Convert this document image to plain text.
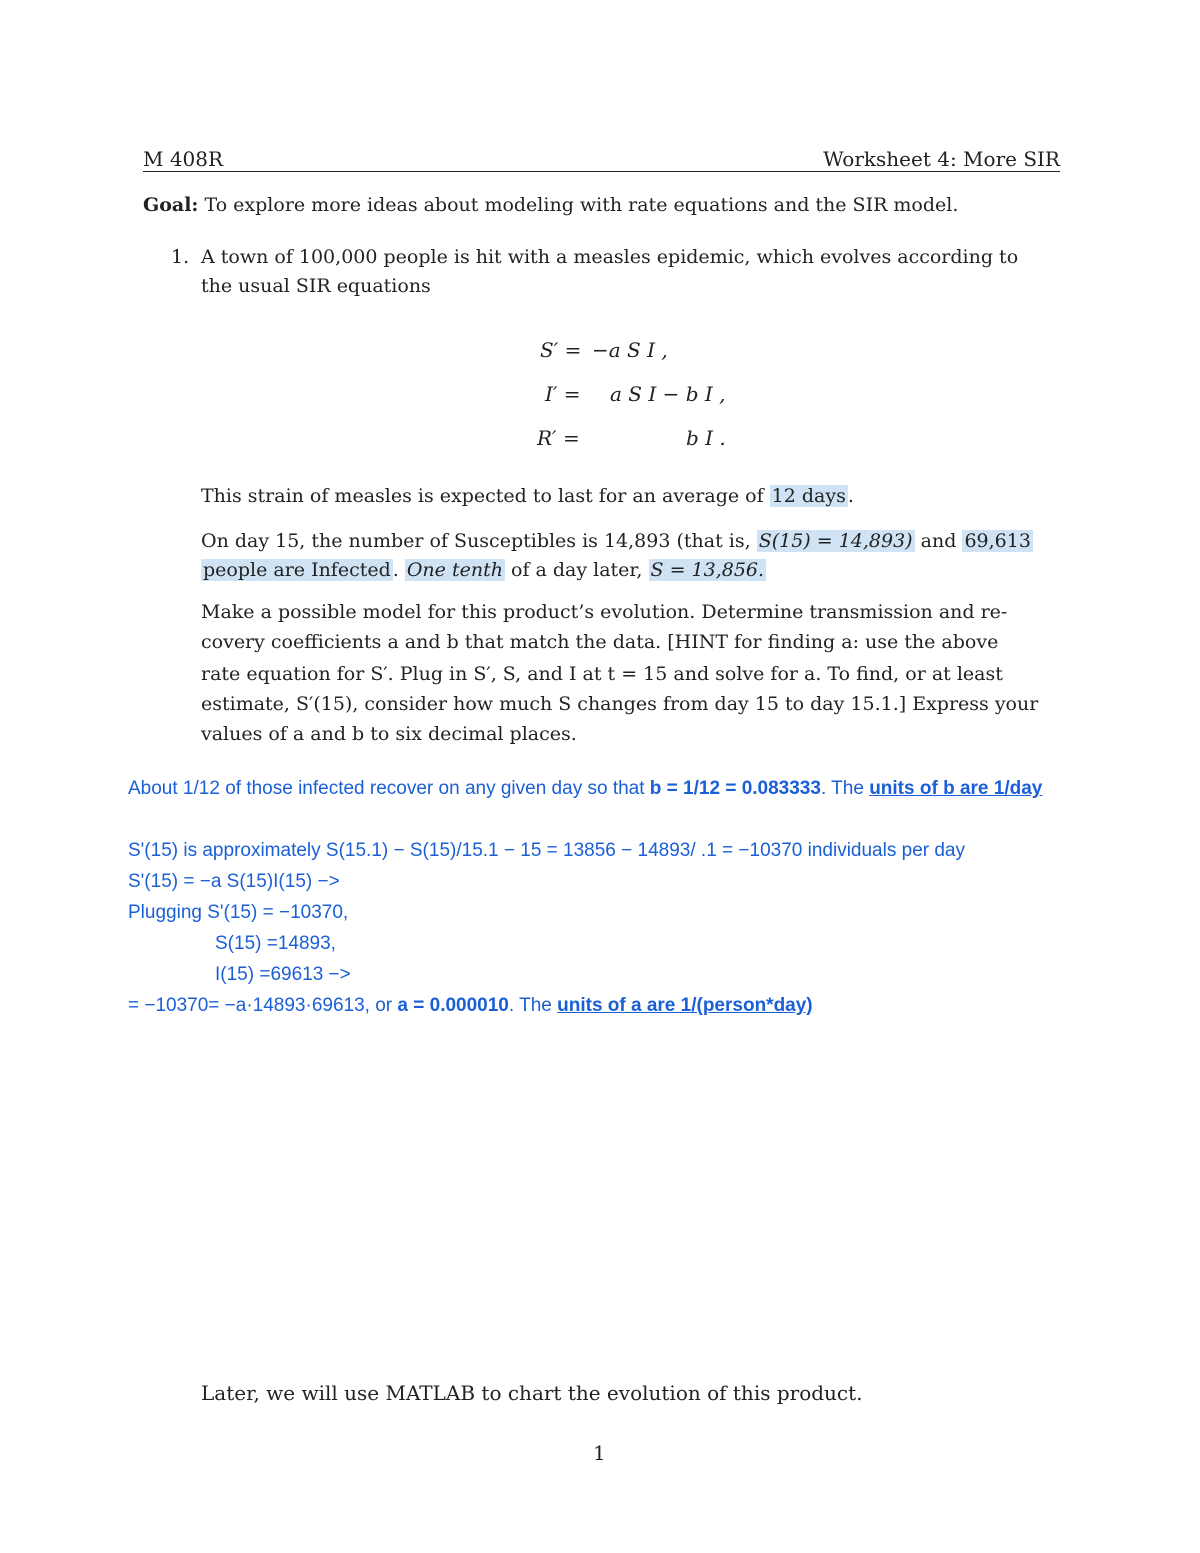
M 408R	Worksheet 4: More SIR
Goal: To explore more ideas about modeling with rate equations and the SIR model.
1. A town of 100,000 people is hit with a measles epidemic, which evolves according to
the usual SIR equations
S′ = −a S I ,
I′ = a S I − b I ,
R′ =	b I .
This strain of measles is expected to last for an average of 12 days .
On day 15, the number of Susceptibles is 14,893 (that is, S(15) = 14,893) and 69,613
people are Infected . One tenth of a day later, S = 13,856.
Make a possible model for this product’s evolution. Determine transmission and re-
covery coefficients a and b that match the data. [HINT for finding a: use the above
rate equation for S′. Plug in S′, S, and I at t = 15 and solve for a. To find, or at least
estimate, S′(15), consider how much S changes from day 15 to day 15.1.] Express your
values of a and b to six decimal places.
About 1/12 of those infected recover on any given day so that b = 1/12 = 0.083333. The units of b are 1/day
S'(15) is approximately S(15.1) − S(15)/15.1 − 15 = 13856 − 14893/ .1 = −10370 individuals per day
S'(15) = −a S(15)I(15) −>
Plugging S'(15) = −10370,
S(15) =14893,
I(15) =69613 −>
= −10370= −a·14893·69613, or a = 0.000010. The units of a are 1/(person*day)
Later, we will use MATLAB to chart the evolution of this product.
1
